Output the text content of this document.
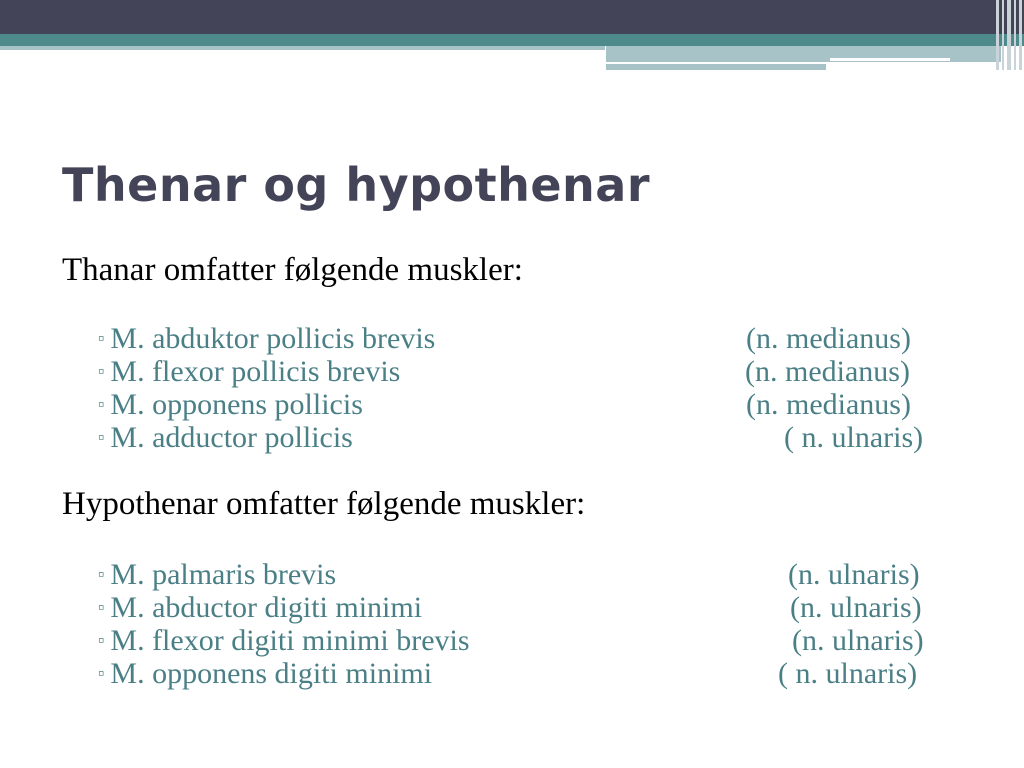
Thenar og hypothenar
Thanar omfatter følgende muskler:
▫ M. abduktor pollicis brevis	(n. medianus)
▫ M. flexor pollicis brevis	(n. medianus)
▫ M. opponens pollicis	(n. medianus)
▫ M. adductor pollicis	( n. ulnaris)
Hypothenar omfatter følgende muskler:
▫ M. palmaris brevis	(n. ulnaris)
▫ M. abductor digiti minimi	(n. ulnaris)
▫ M. flexor digiti minimi brevis	(n. ulnaris)
▫ M. opponens digiti minimi	( n. ulnaris)
